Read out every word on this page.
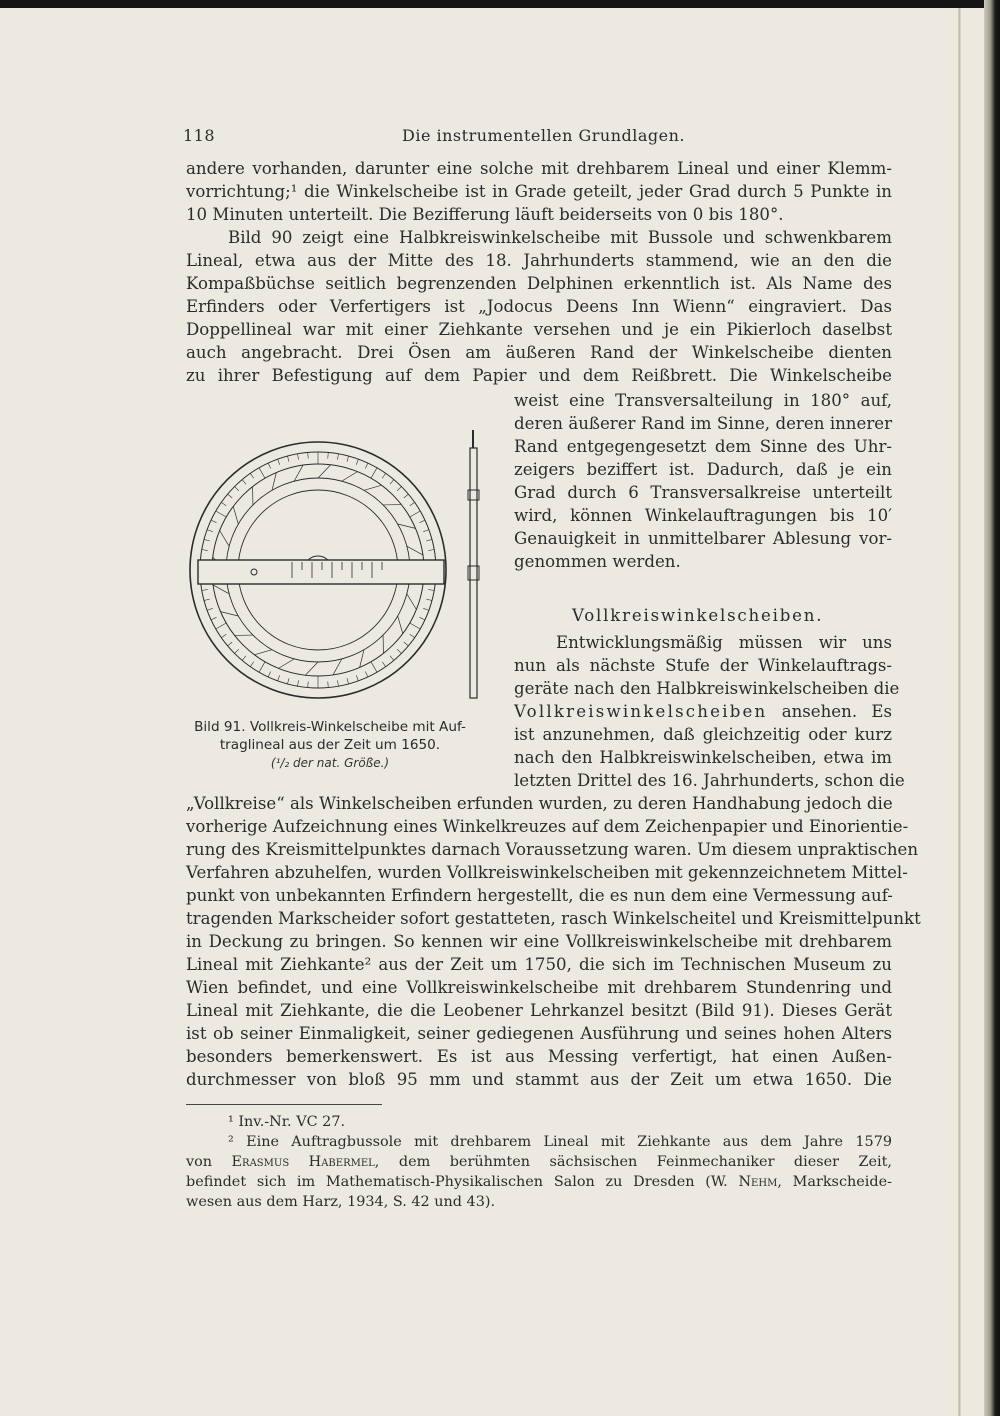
118	Die instrumentellen Grundlagen.
andere vorhanden, darunter eine solche mit drehbarem Lineal und einer Klemm-
vorrichtung;¹ die Winkelscheibe ist in Grade geteilt, jeder Grad durch 5 Punkte in
10 Minuten unterteilt. Die Bezifferung läuft beiderseits von 0 bis 180°.
Bild 90 zeigt eine Halbkreiswinkelscheibe mit Bussole und schwenkbarem
Lineal, etwa aus der Mitte des 18. Jahrhunderts stammend, wie an den die
Kompaßbüchse seitlich begrenzenden Delphinen erkenntlich ist. Als Name des
Erfinders oder Verfertigers ist „Jodocus Deens Inn Wienn“ eingraviert. Das
Doppellineal war mit einer Ziehkante versehen und je ein Pikierloch daselbst
auch angebracht. Drei Ösen am äußeren Rand der Winkelscheibe dienten
zu ihrer Befestigung auf dem Papier und dem Reißbrett. Die Winkelscheibe
weist eine Transversalteilung in 180° auf,
deren äußerer Rand im Sinne, deren innerer
Rand entgegengesetzt dem Sinne des Uhr-
zeigers beziffert ist. Dadurch, daß je ein
Grad durch 6 Transversalkreise unterteilt
wird, können Winkelauftragungen bis 10′
Genauigkeit in unmittelbarer Ablesung vor-
genommen werden.
Vollkreiswinkelscheiben.
Entwicklungsmäßig müssen wir uns
nun als nächste Stufe der Winkelauftrags-
geräte nach den Halbkreiswinkelscheiben die
Vollkreiswinkelscheiben ansehen. Es
ist anzunehmen, daß gleichzeitig oder kurz
nach den Halbkreiswinkelscheiben, etwa im
letzten Drittel des 16. Jahrhunderts, schon die
„Vollkreise“ als Winkelscheiben erfunden wurden, zu deren Handhabung jedoch die
vorherige Aufzeichnung eines Winkelkreuzes auf dem Zeichenpapier und Einorientie-
rung des Kreismittelpunktes darnach Voraussetzung waren. Um diesem unpraktischen
Verfahren abzuhelfen, wurden Vollkreiswinkelscheiben mit gekennzeichnetem Mittel-
punkt von unbekannten Erfindern hergestellt, die es nun dem eine Vermessung auf-
tragenden Markscheider sofort gestatteten, rasch Winkelscheitel und Kreismittelpunkt
in Deckung zu bringen. So kennen wir eine Vollkreiswinkelscheibe mit drehbarem
Lineal mit Ziehkante² aus der Zeit um 1750, die sich im Technischen Museum zu
Wien befindet, und eine Vollkreiswinkelscheibe mit drehbarem Stundenring und
Lineal mit Ziehkante, die die Leobener Lehrkanzel besitzt (Bild 91). Dieses Gerät
ist ob seiner Einmaligkeit, seiner gediegenen Ausführung und seines hohen Alters
besonders bemerkenswert. Es ist aus Messing verfertigt, hat einen Außen-
durchmesser von bloß 95 mm und stammt aus der Zeit um etwa 1650. Die
Bild 91. Vollkreis-Winkelscheibe mit Auf-
traglineal aus der Zeit um 1650.
(¹/₂ der nat. Größe.)
¹ Inv.-Nr. VC 27.
² Eine Auftragbussole mit drehbarem Lineal mit Ziehkante aus dem Jahre 1579
von Erasmus Habermel, dem berühmten sächsischen Feinmechaniker dieser Zeit,
befindet sich im Mathematisch-Physikalischen Salon zu Dresden (W. Nehm, Markscheide-
wesen aus dem Harz, 1934, S. 42 und 43).
